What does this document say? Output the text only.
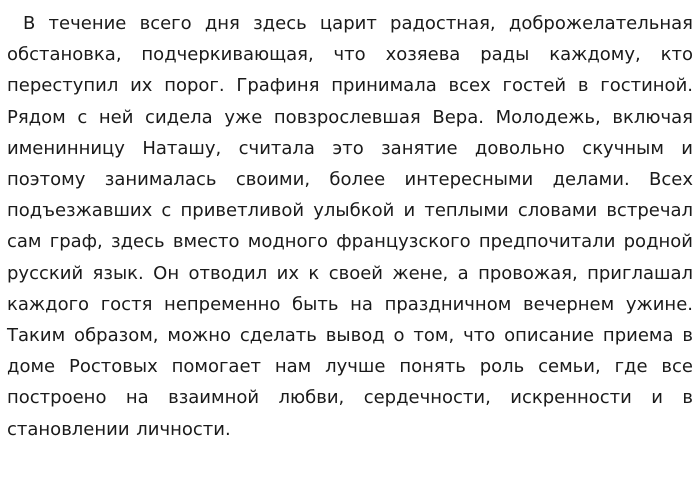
В течение всего дня здесь царит радостная, доброжелательная обстановка, подчеркивающая, что хозяева рады каждому, кто переступил их порог. Графиня принимала всех гостей в гостиной. Рядом с ней сидела уже повзрослевшая Вера. Молодежь, включая именинницу Наташу, считала это занятие довольно скучным и поэтому занималась своими, более интересными делами. Всех подъезжавших с приветливой улыбкой и теплыми словами встречал сам граф, здесь вместо модного французского предпочитали родной русский язык. Он отводил их к своей жене, а провожая, приглашал каждого гостя непременно быть на праздничном вечернем ужине. Таким образом, можно сделать вывод о том, что описание приема в доме Ростовых помогает нам лучше понять роль семьи, где все построено на взаимной любви, сердечности, искренности и в становлении личности.
